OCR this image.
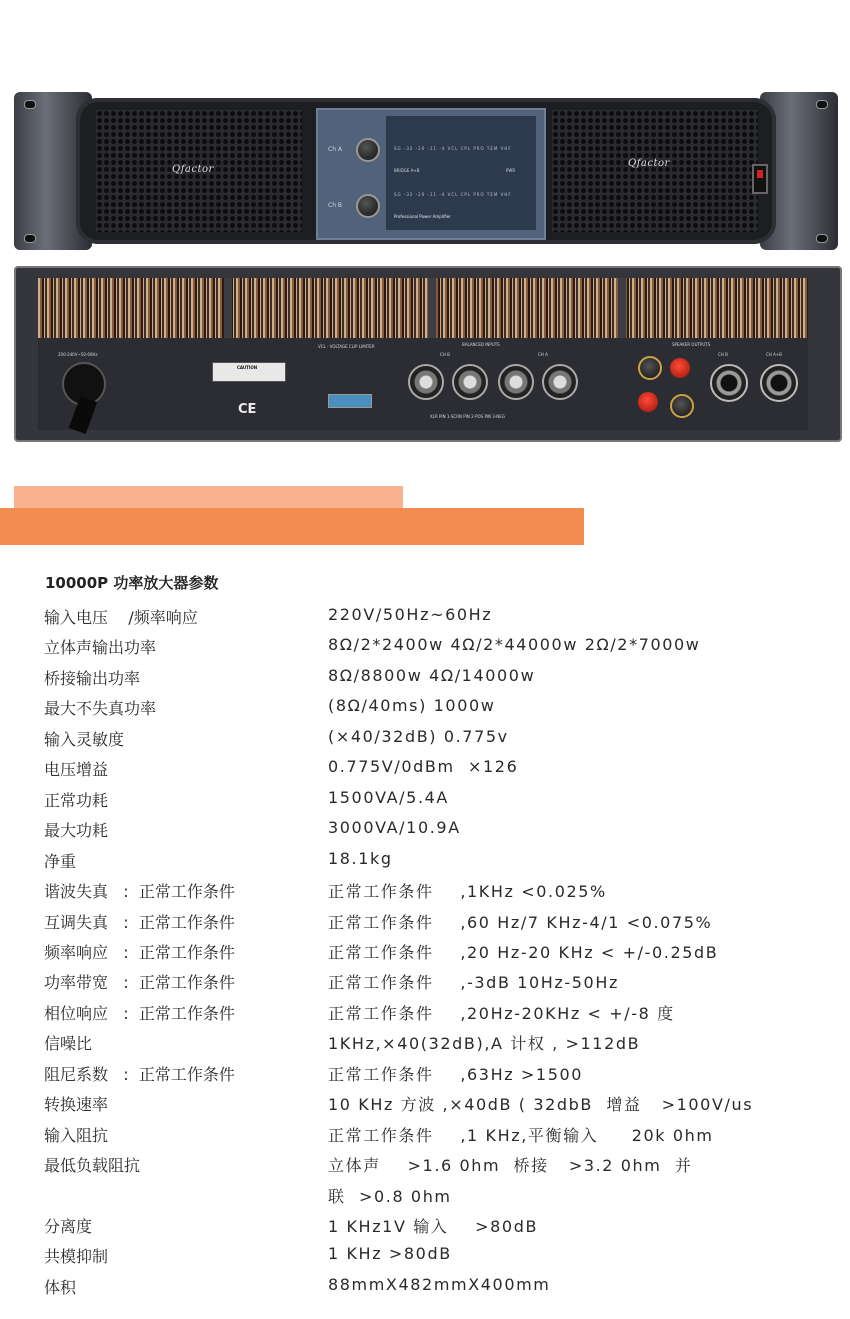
Qfactor
Ch A
Ch B
SG -32 -20 -11 -4 VCL CPL PRO TEM VHF
BRIDGE A+B	PWR
SG -32 -20 -11 -4 VCL CPL PRO TEM VHF
Professional Power Amplifier
Qfactor
200-240V~50-60Hz
CAUTION
CE
VCL - VOLTAGE CLIP LIMITER	BALANCED INPUTS
CH B	CH A
XLR PIN 1-SCRN PIN 2-POS PIN 3-NEG
SPEAKER OUTPUTS
CH B	CH A+B
10000P 功率放大器参数
输入电压    /频率响应	220V/50Hz~60Hz
立体声输出功率	8Ω/2*2400w 4Ω/2*44000w 2Ω/2*7000w
桥接输出功率	8Ω/8800w 4Ω/14000w
最大不失真功率	(8Ω/40ms) 1000w
输入灵敏度	(×40/32dB) 0.775v
电压增益	0.775V/0dBm  ×126
正常功耗	1500VA/5.4A
最大功耗	3000VA/10.9A
净重	18.1kg
谐波失真   :  正常工作条件	正常工作条件    ,1KHz <0.025%
互调失真   :  正常工作条件	正常工作条件    ,60 Hz/7 KHz-4/1 <0.075%
频率响应   :  正常工作条件	正常工作条件    ,20 Hz-20 KHz < +/-0.25dB
功率带宽   :  正常工作条件	正常工作条件    ,-3dB 10Hz-50Hz
相位响应   :  正常工作条件	正常工作条件    ,20Hz-20KHz < +/-8 度
信噪比	1KHz,×40(32dB),A 计权 , >112dB
阻尼系数   :  正常工作条件	正常工作条件    ,63Hz >1500
转换速率	10 KHz 方波 ,×40dB ( 32dbB  增益   >100V/us
输入阻抗	正常工作条件    ,1 KHz,平衡输入     20k 0hm
最低负载阻抗	立体声    >1.6 0hm  桥接   >3.2 0hm  并
联  >0.8 0hm
分离度	1 KHz1V 输入    >80dB
共模抑制	1 KHz >80dB
体积	88mmX482mmX400mm
